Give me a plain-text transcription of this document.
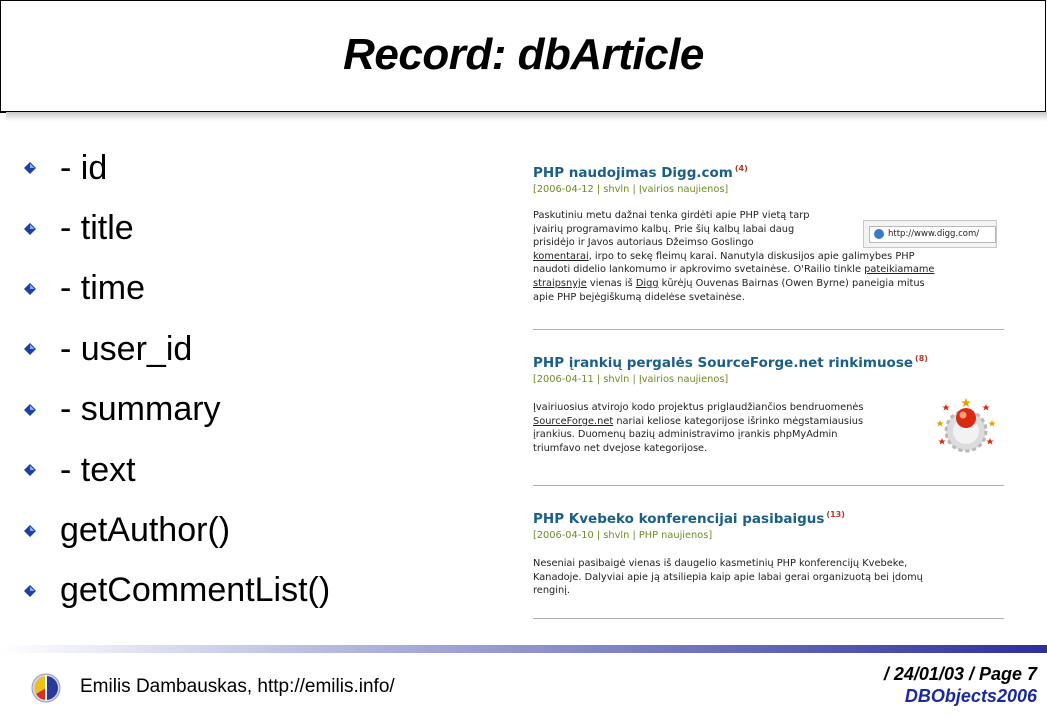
Record: dbArticle
- id
- title
- time
- user_id
- summary
- text
getAuthor()
getCommentList()
PHP naudojimas Digg.com $^{(4)}$
[2006-04-12 | shvln | Įvairios naujienos]
Paskutiniu metu dažnai tenka girdėti apie PHP vietą tarp
įvairių programavimo kalbų. Prie šių kalbų labai daug
prisidėjo ir Javos autoriaus Džeimso Goslingo
komentarai, irpo to sekę fleimų karai. Nanutyla diskusijos apie galimybes PHP
naudoti didelio lankomumo ir apkrovimo svetainėse. O'Railio tinkle pateikiamame
straipsnyje vienas iš Digg kūrėjų Ouvenas Bairnas (Owen Byrne) paneigia mitus
apie PHP bejėgiškumą didelėse svetainėse.
http://www.digg.com/
PHP įrankių pergalės SourceForge.net rinkimuose $^{(8)}$
[2006-04-11 | shvln | Įvairios naujienos]
Įvairiuosius atvirojo kodo projektus priglaudžiančios bendruomenės
SourceForge.net nariai keliose kategorijose išrinko mėgstamiausius
įrankius. Duomenų bazių administravimo įrankis phpMyAdmin
triumfavo net dvejose kategorijose.
PHP Kvebeko konferencijai pasibaigus $^{(13)}$
[2006-04-10 | shvln | PHP naujienos]
Neseniai pasibaigė vienas iš daugelio kasmetinių PHP konferencijų Kvebeke,
Kanadoje. Dalyviai apie ją atsiliepia kaip apie labai gerai organizuotą bei įdomų
renginį.
Emilis Dambauskas, http://emilis.info/
/ 24/01/03 / Page 7
DBObjects2006
